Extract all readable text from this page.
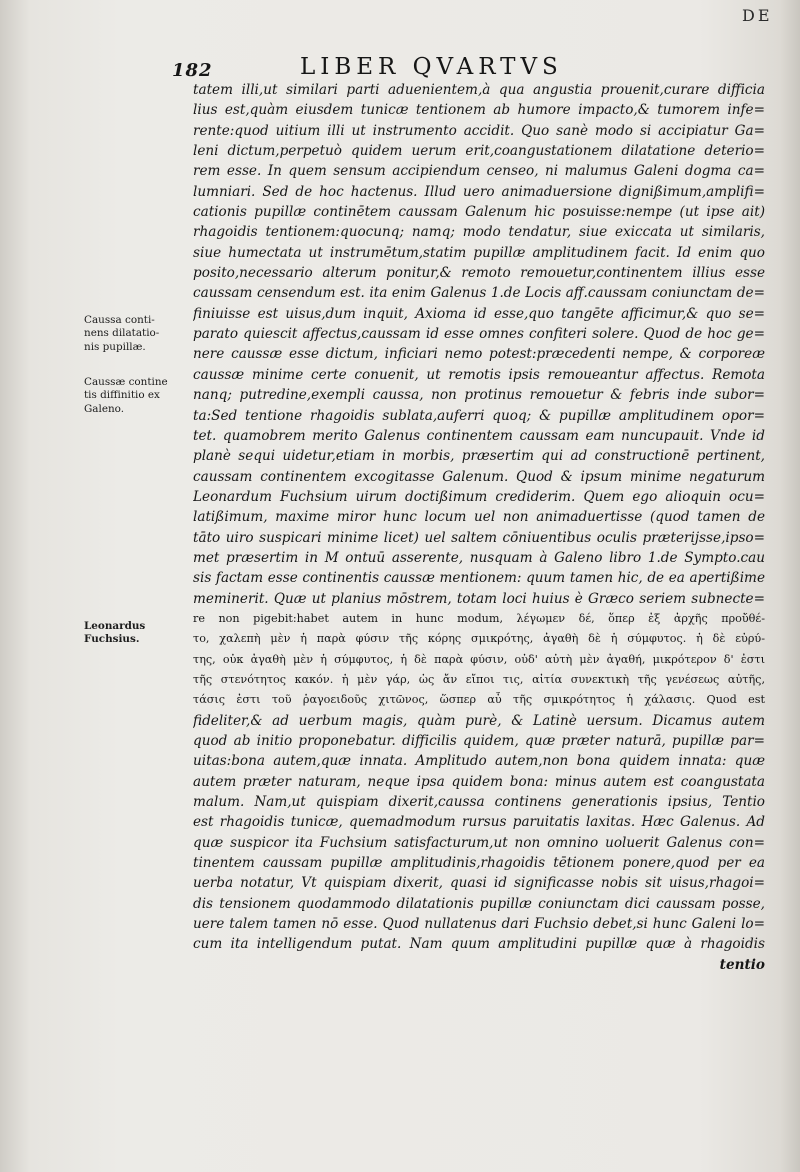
DE
182	LIBER QVARTVS
Caussa conti-
nens dilatatio-
nis pupillæ.
Caussæ contine
tis diffinitio ex
Galeno.
Leonardus
Fuchsius.
tatem illi,ut similari parti aduenientem,à qua angustia prouenit,curare difficia
lius est,quàm eiusdem tunicæ tentionem ab humore impacto,& tumorem infe=
rente:quod uitium illi ut instrumento accidit. Quo sanè modo si accipiatur Ga=
leni dictum,perpetuò quidem uerum erit,coangustationem dilatatione deterio=
rem esse. In quem sensum accipiendum censeo, ni malumus Galeni dogma ca=
lumniari. Sed de hoc hactenus. Illud uero animaduersione dignißimum,amplifi=
cationis pupillæ continētem caussam Galenum hic posuisse:nempe (ut ipse ait)
rhagoidis tentionem:quocunq; namq; modo tendatur, siue exiccata ut similaris,
siue humectata ut instrumētum,statim pupillæ amplitudinem facit. Id enim quo
posito,necessario alterum ponitur,& remoto remouetur,continentem illius esse
caussam censendum est. ita enim Galenus 1.de Locis aff.caussam coniunctam de=
finiuisse est uisus,dum inquit, Axioma id esse,quo tangēte afficimur,& quo se=
parato quiescit affectus,caussam id esse omnes confiteri solere. Quod de hoc ge=
nere caussæ esse dictum, inficiari nemo potest:præcedenti nempe, & corporeæ
caussæ minime certe conuenit, ut remotis ipsis remoueantur affectus. Remota
nanq; putredine,exempli caussa, non protinus remouetur & febris inde subor=
ta:Sed tentione rhagoidis sublata,auferri quoq; & pupillæ amplitudinem opor=
tet. quamobrem merito Galenus continentem caussam eam nuncupauit. Vnde id
planè sequi uidetur,etiam in morbis, præsertim qui ad constructionē pertinent,
caussam continentem excogitasse Galenum. Quod & ipsum minime negaturum
Leonardum Fuchsium uirum doctißimum crediderim. Quem ego alioquin ocu=
latißimum, maxime miror hunc locum uel non animaduertisse (quod tamen de
tāto uiro suspicari minime licet) uel saltem cōniuentibus oculis præterijsse,ipso=
met præsertim in M ontuū asserente, nusquam à Galeno libro 1.de Sympto.cau
sis factam esse continentis caussæ mentionem: quum tamen hic, de ea apertißime
meminerit. Quæ ut planius mōstrem, totam loci huius è Græco seriem subnecte=
re non pigebit:habet autem in hunc modum, λέγωμεν δέ, ὅπερ ἐξ ἀρχῆς προὔθέ-
το, χαλεπὴ μὲν ἡ παρὰ φύσιν τῆς κόρης σμικρότης, ἀγαθὴ δὲ ἡ σύμφυτος. ἡ δὲ εὐρύ-
της, οὐκ ἀγαθὴ μὲν ἡ σύμφυτος, ἡ δὲ παρὰ φύσιν, οὐδ' αὐτὴ μὲν ἀγαθή, μικρότερον δ' ἐστι
τῆς στενότητος κακόν. ἡ μὲν γάρ, ὡς ἄν εἴποι τις, αἰτία συνεκτικὴ τῆς γενέσεως αὐτῆς,
τάσις ἐστι τοῦ ῥαγοειδοῦς χιτῶνος, ὥσπερ αὖ τῆς σμικρότητος ἡ χάλασις. Quod est
fideliter,& ad uerbum magis, quàm purè, & Latinè uersum. Dicamus autem
quod ab initio proponebatur. difficilis quidem, quæ præter naturā, pupillæ par=
uitas:bona autem,quæ innata. Amplitudo autem,non bona quidem innata: quæ
autem præter naturam, neque ipsa quidem bona: minus autem est coangustata
malum. Nam,ut quispiam dixerit,caussa continens generationis ipsius, Tentio
est rhagoidis tunicæ, quemadmodum rursus paruitatis laxitas. Hæc Galenus. Ad
quæ suspicor ita Fuchsium satisfacturum,ut non omnino uoluerit Galenus con=
tinentem caussam pupillæ amplitudinis,rhagoidis tētionem ponere,quod per ea
uerba notatur, Vt quispiam dixerit, quasi id significasse nobis sit uisus,rhagoi=
dis tensionem quodammodo dilatationis pupillæ coniunctam dici caussam posse,
uere talem tamen nō esse. Quod nullatenus dari Fuchsio debet,si hunc Galeni lo=
cum ita intelligendum putat. Nam quum amplitudini pupillæ quæ à rhagoidis
tentio
